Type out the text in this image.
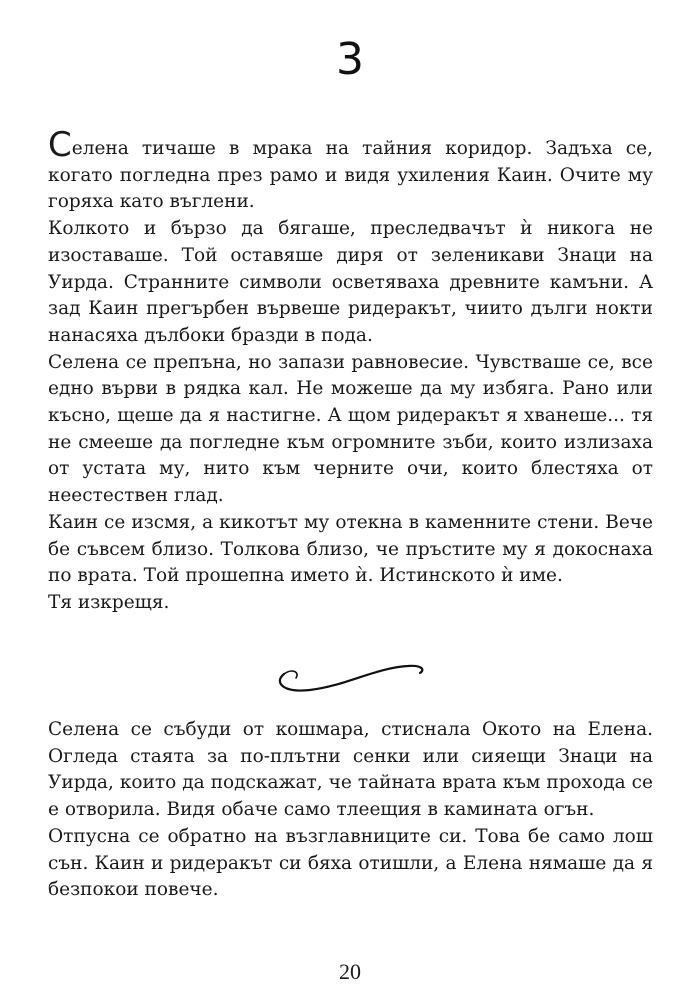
3

Селена тичаше в мрака на тайния коридор. Задъха се, когато погледна през рамо и видя ухиления Каин. Очите му горяха като въглени.

Колкото и бързо да бягаше, преследвачът ѝ никога не изоставаше. Той оставяше диря от зеленикави Знаци на Уирда. Странните символи осветяваха древните камъни. А зад Каин прегърбен вървеше ридеракът, чиито дълги нокти нанасяха дълбоки бразди в пода.

Селена се препъна, но запази равновесие. Чувстваше се, все едно върви в рядка кал. Не можеше да му избяга. Рано или късно, щеше да я настигне. А щом ридеракът я хванеше... тя не смееше да погледне към огромните зъби, които излизаха от устата му, нито към черните очи, които блестяха от неестествен глад.

Каин се изсмя, а кикотът му отекна в каменните стени. Вече бе съвсем близо. Толкова близо, че пръстите му я докоснаха по врата. Той прошепна името ѝ. Истинското ѝ име.

Тя изкрещя.

Селена се събуди от кошмара, стиснала Окото на Елена. Огледа стаята за по-плътни сенки или сияещи Знаци на Уирда, които да подскажат, че тайната врата към прохода се е отворила. Видя обаче само тлеещия в камината огън.

Отпусна се обратно на възглавниците си. Това бе само лош сън. Каин и ридеракът си бяха отишли, а Елена нямаше да я безпокои повече.

20
